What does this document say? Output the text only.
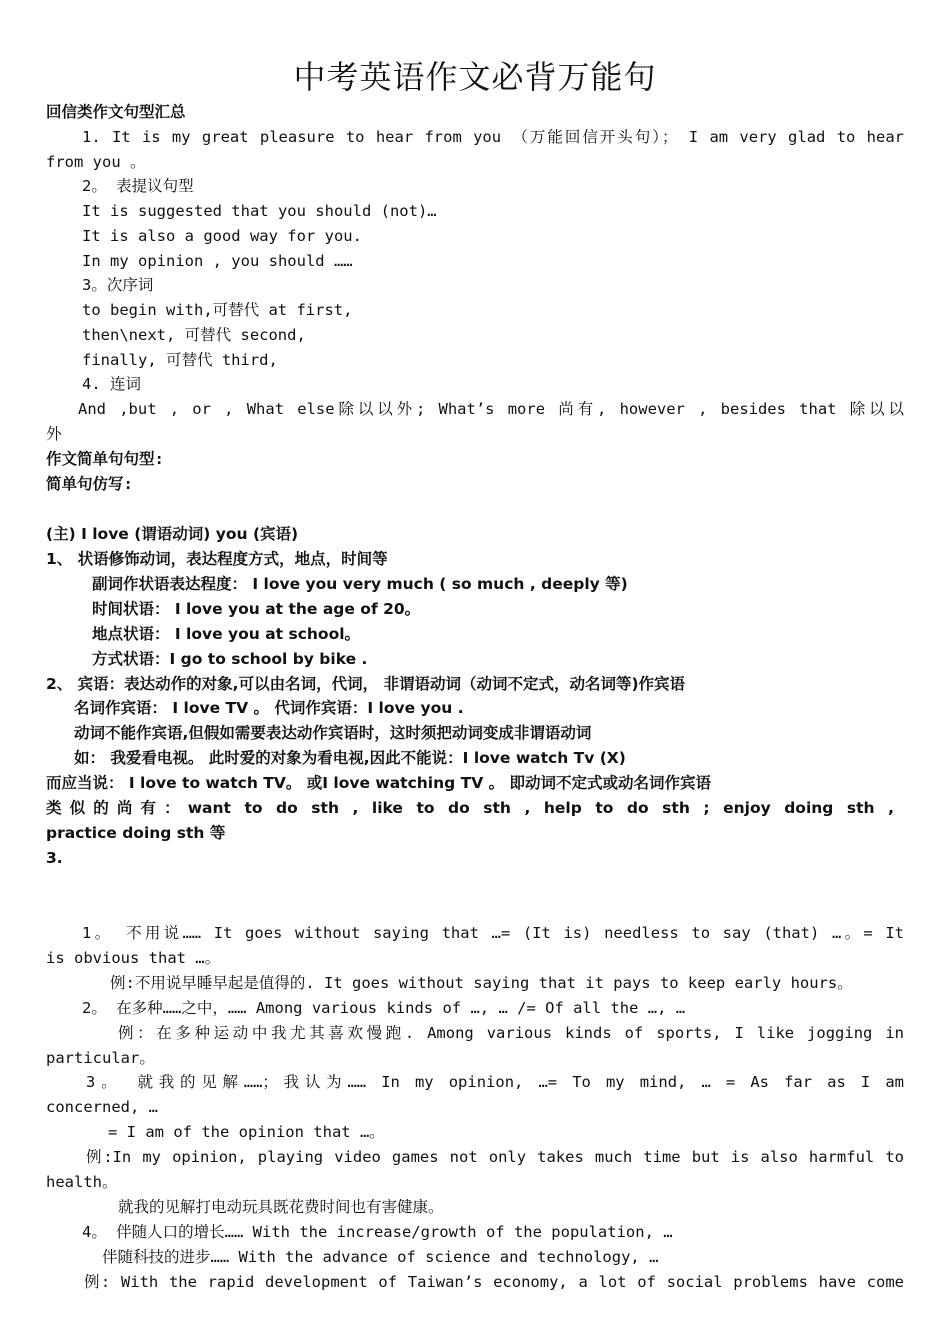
中考英语作文必背万能句
回信类作文句型汇总
1. It is my great pleasure to hear from you （万能回信开头句）； I am very glad to hear
from you 。
2。 表提议句型
It is suggested that you should (not)…
It is also a good way for you.
In my opinion , you should ……
3。次序词
to begin with,可替代 at first,
then\next, 可替代 second,
finally, 可替代 third,
4. 连词
And ,but , or , What else除以以外; What’s more 尚有, however , besides that 除以以
外
作文简单句句型:
简单句仿写:
(主) I love (谓语动词) you (宾语)
1、 状语修饰动词，表达程度方式，地点，时间等
副词作状语表达程度： I love you very much ( so much , deeply 等)
时间状语： I love you at the age of 20。
地点状语： I love you at school。
方式状语：I go to school by bike .
2、 宾语：表达动作的对象,可以由名词，代词， 非谓语动词（动词不定式，动名词等)作宾语
名词作宾语： I love TV 。 代词作宾语：I love you .
动词不能作宾语,但假如需要表达动作宾语时，这时须把动词变成非谓语动词
如： 我爱看电视。 此时爱的对象为看电视,因此不能说：I love watch Tv (X)
而应当说： I love to watch TV。 或I love watching TV 。 即动词不定式或动名词作宾语
类似的尚有：want to do sth , like to do sth , help to do sth ; enjoy doing sth ,
practice doing sth 等
3.
1。 不用说…… It goes without saying that …= (It is) needless to say (that) …。= It
is obvious that …。
例:不用说早睡早起是值得的. It goes without saying that it pays to keep early hours。
2。 在多种……之中，…… Among various kinds of …, … /= Of all the …, …
例：在多种运动中我尤其喜欢慢跑. Among various kinds of sports, I like jogging in
particular。
3。 就我的见解……；我认为…… In my opinion, …= To my mind, … = As far as I am
concerned, …
= I am of the opinion that …。
例:In my opinion, playing video games not only takes much time but is also harmful to
health。
就我的见解打电动玩具既花费时间也有害健康。
4。 伴随人口的增长…… With the increase/growth of the population, …
伴随科技的进步…… With the advance of science and technology, …
例: With the rapid development of Taiwan’s economy, a lot of social problems have come
